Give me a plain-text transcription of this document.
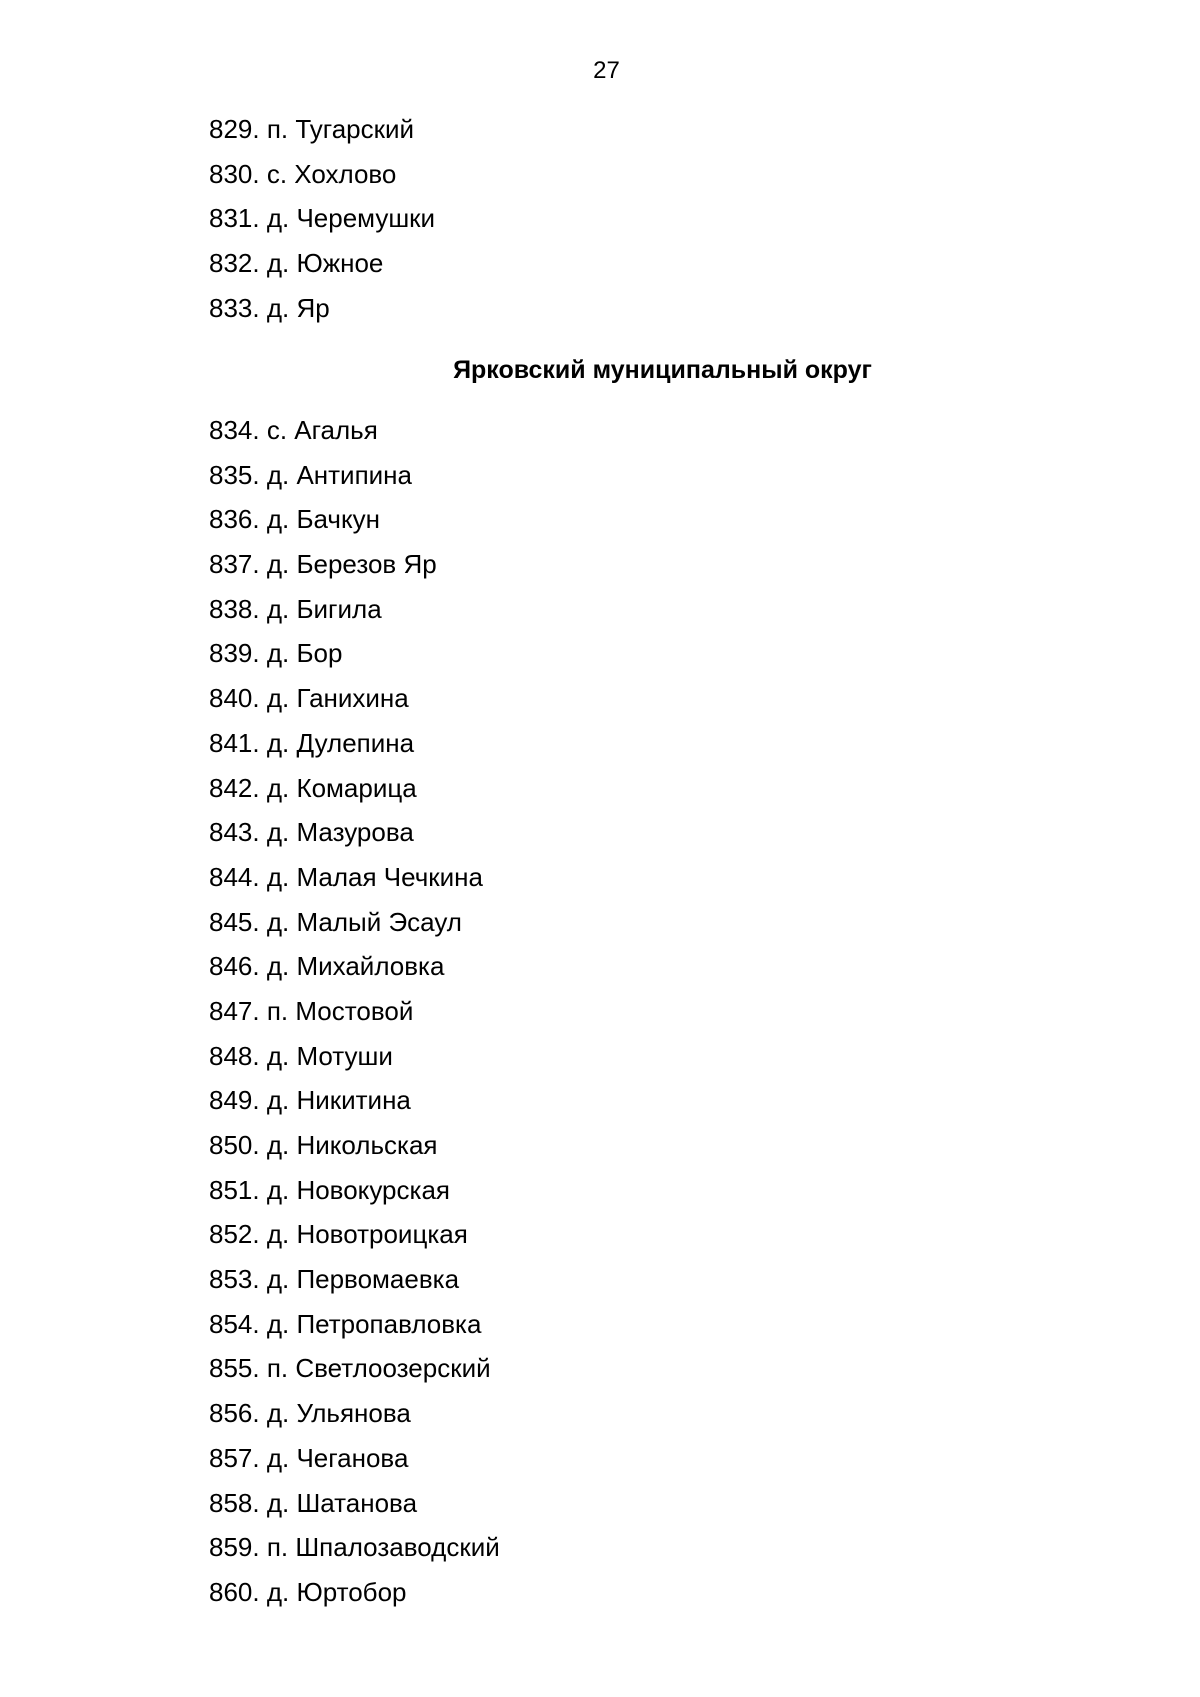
27
829. п. Тугарский
830. с. Хохлово
831. д. Черемушки
832. д. Южное
833. д. Яр
Ярковский муниципальный округ
834. с. Агалья
835. д. Антипина
836. д. Бачкун
837. д. Березов Яр
838. д. Бигила
839. д. Бор
840. д. Ганихина
841. д. Дулепина
842. д. Комарица
843. д. Мазурова
844. д. Малая Чечкина
845. д. Малый Эсаул
846. д. Михайловка
847. п. Мостовой
848. д. Мотуши
849. д. Никитина
850. д. Никольская
851. д. Новокурская
852. д. Новотроицкая
853. д. Первомаевка
854. д. Петропавловка
855. п. Светлоозерский
856. д. Ульянова
857. д. Чеганова
858. д. Шатанова
859. п. Шпалозаводский
860. д. Юртобор
